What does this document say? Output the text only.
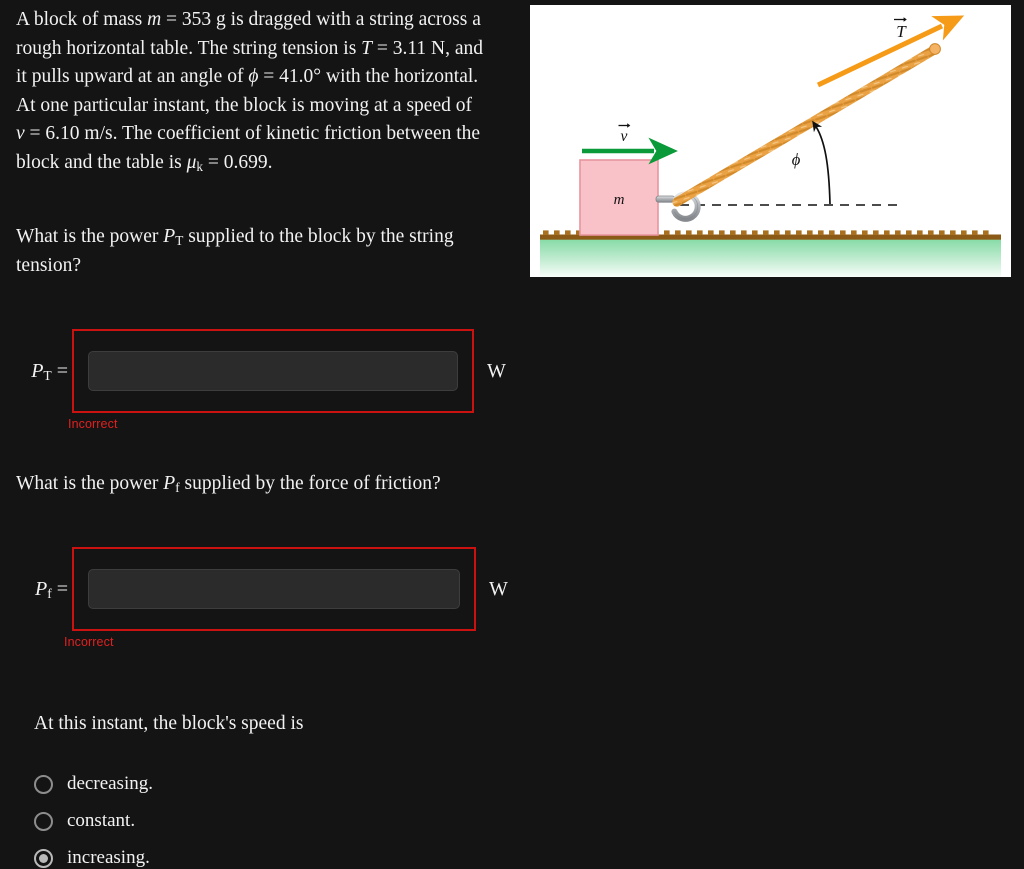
A block of mass m = 353 g is dragged with a string across a
rough horizontal table. The string tension is T = 3.11 N, and
it pulls upward at an angle of ϕ = 41.0° with the horizontal.
At one particular instant, the block is moving at a speed of
v = 6.10 m/s. The coefficient of kinetic friction between the
block and the table is $\mu_k = 0.699$.
What is the power $P_T$ supplied to the block by the string tension?
$P_T$ =	W
Incorrect
What is the power $P_f$ supplied by the force of friction?
$P_f$ =	W
Incorrect
At this instant, the block's speed is
decreasing.
constant.
increasing.
m
v
T
ϕ
